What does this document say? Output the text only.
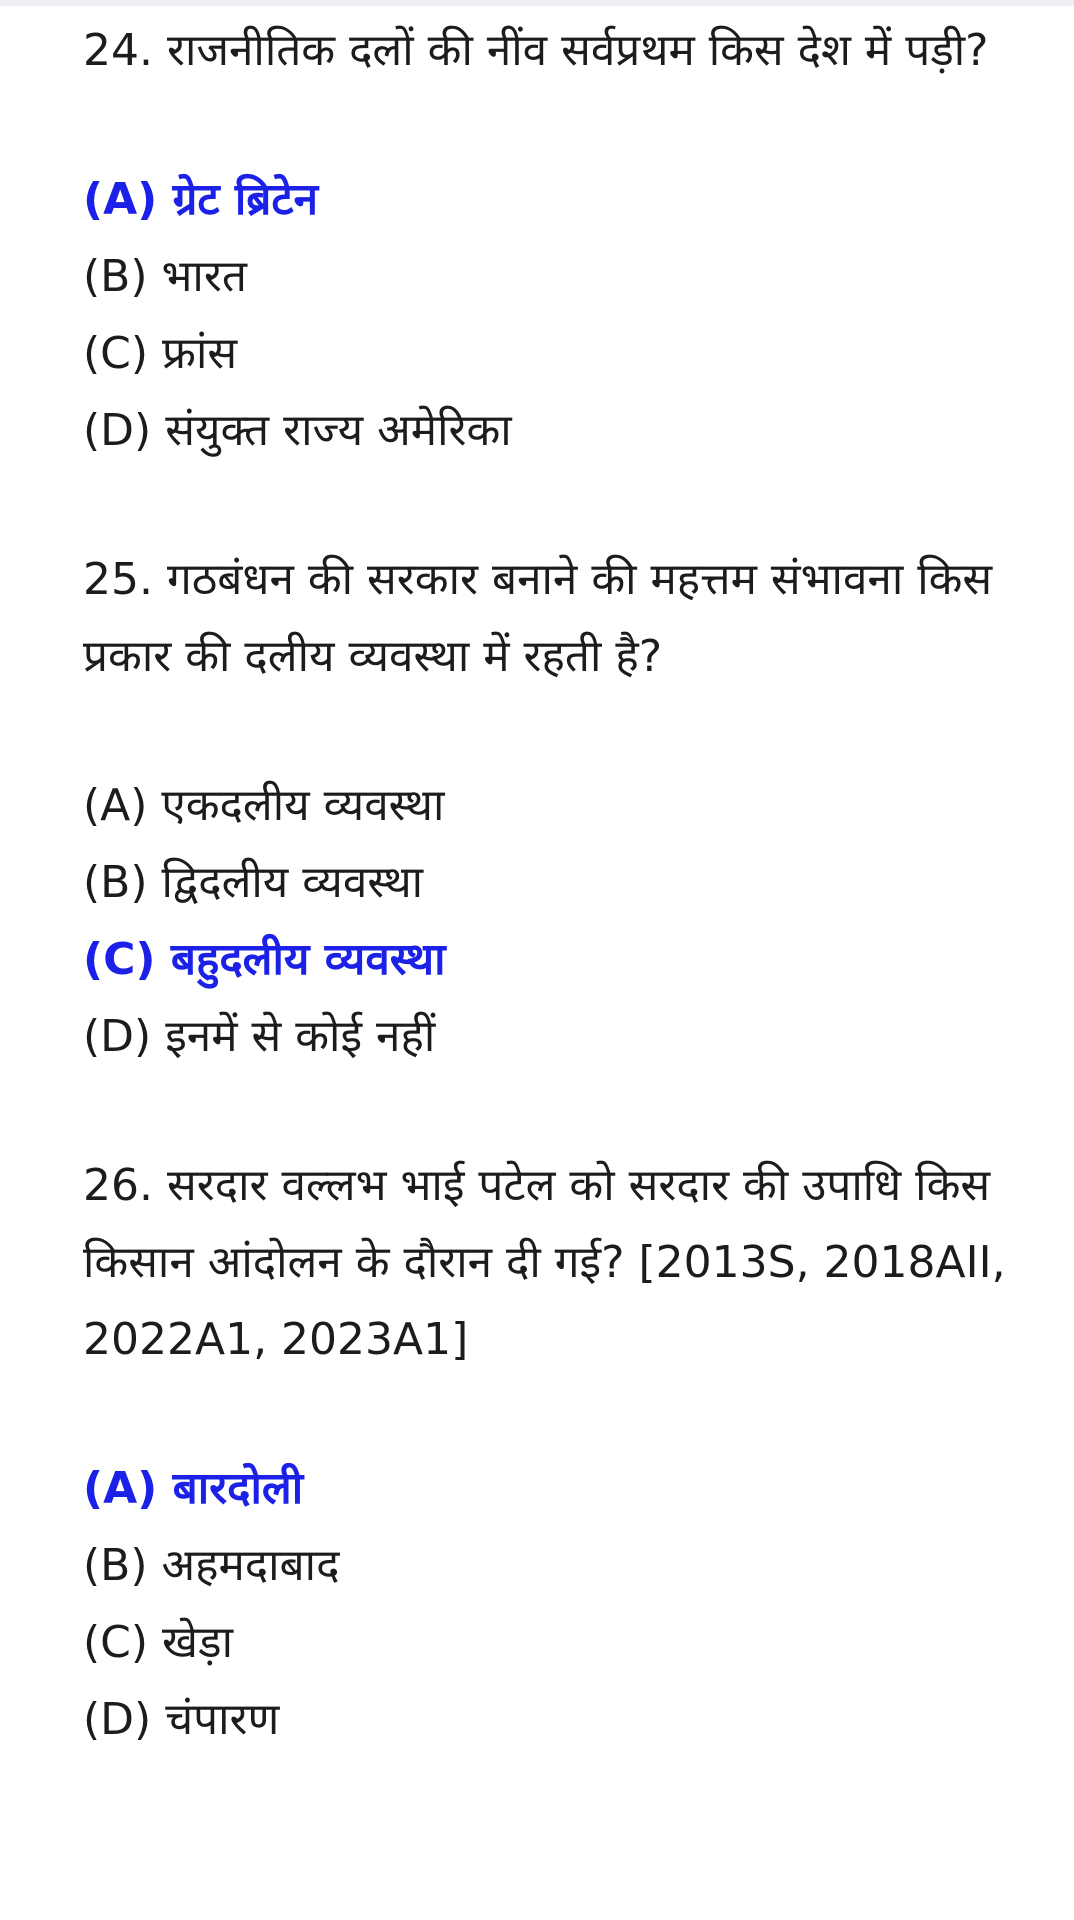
24. राजनीतिक दलों की नींव सर्वप्रथम किस देश में पड़ी?

(A) ग्रेट ब्रिटेन
(B) भारत
(C) फ्रांस
(D) संयुक्त राज्य अमेरिका

25. गठबंधन की सरकार बनाने की महत्तम संभावना किस प्रकार की दलीय व्यवस्था में रहती है?

(A) एकदलीय व्यवस्था
(B) द्विदलीय व्यवस्था
(C) बहुदलीय व्यवस्था
(D) इनमें से कोई नहीं

26. सरदार वल्लभ भाई पटेल को सरदार की उपाधि किस किसान आंदोलन के दौरान दी गई? [2013S, 2018AII, 2022A1, 2023A1]

(A) बारदोली
(B) अहमदाबाद
(C) खेड़ा
(D) चंपारण
